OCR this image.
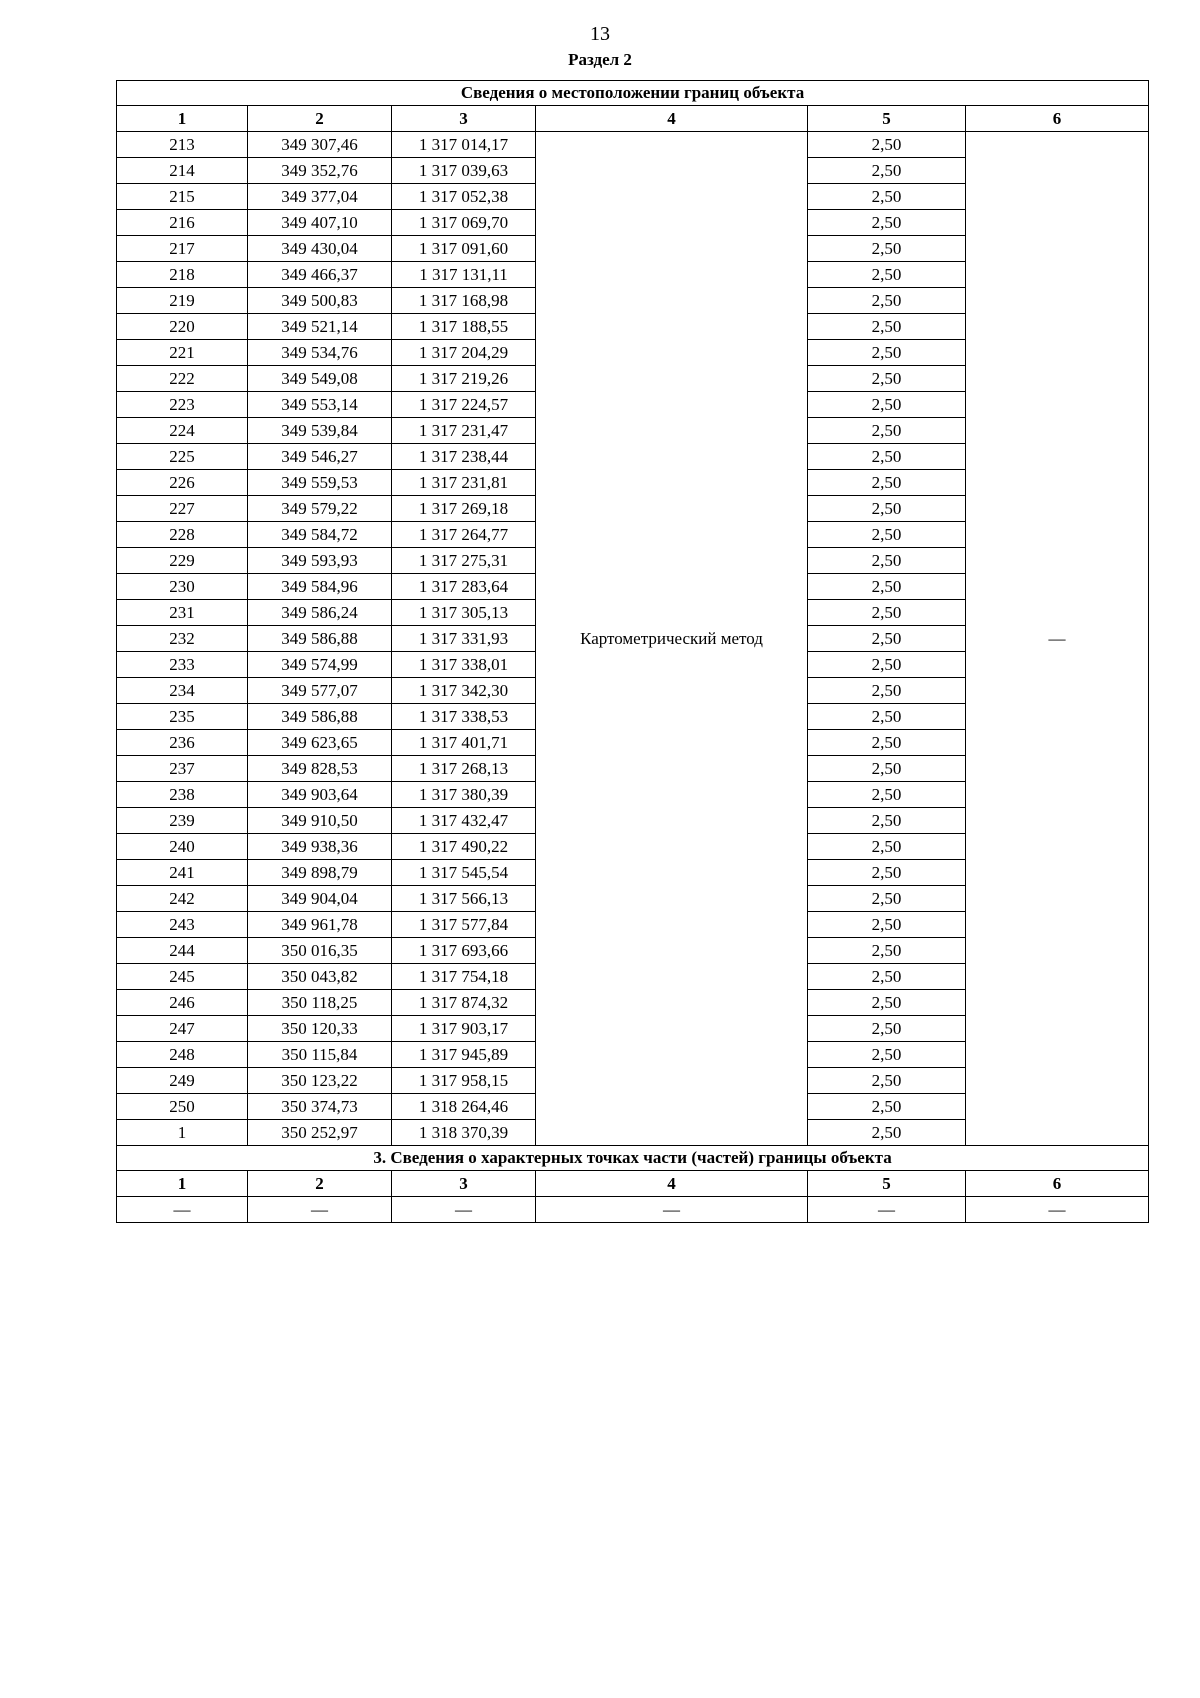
13
Раздел 2
Сведения о местоположении границ объекта					
1	2	3	4	5	6
213	349 307,46	1 317 014,17	Картометрический метод	2,50	—
214	349 352,76	1 317 039,63		2,50	
215	349 377,04	1 317 052,38		2,50	
216	349 407,10	1 317 069,70		2,50	
217	349 430,04	1 317 091,60		2,50	
218	349 466,37	1 317 131,11		2,50	
219	349 500,83	1 317 168,98		2,50	
220	349 521,14	1 317 188,55		2,50	
221	349 534,76	1 317 204,29		2,50	
222	349 549,08	1 317 219,26		2,50	
223	349 553,14	1 317 224,57		2,50	
224	349 539,84	1 317 231,47		2,50	
225	349 546,27	1 317 238,44		2,50	
226	349 559,53	1 317 231,81		2,50	
227	349 579,22	1 317 269,18		2,50	
228	349 584,72	1 317 264,77		2,50	
229	349 593,93	1 317 275,31		2,50	
230	349 584,96	1 317 283,64		2,50	
231	349 586,24	1 317 305,13		2,50	
232	349 586,88	1 317 331,93		2,50	
233	349 574,99	1 317 338,01		2,50	
234	349 577,07	1 317 342,30		2,50	
235	349 586,88	1 317 338,53		2,50	
236	349 623,65	1 317 401,71		2,50	
237	349 828,53	1 317 268,13		2,50	
238	349 903,64	1 317 380,39		2,50	
239	349 910,50	1 317 432,47		2,50	
240	349 938,36	1 317 490,22		2,50	
241	349 898,79	1 317 545,54		2,50	
242	349 904,04	1 317 566,13		2,50	
243	349 961,78	1 317 577,84		2,50	
244	350 016,35	1 317 693,66		2,50	
245	350 043,82	1 317 754,18		2,50	
246	350 118,25	1 317 874,32		2,50	
247	350 120,33	1 317 903,17		2,50	
248	350 115,84	1 317 945,89		2,50	
249	350 123,22	1 317 958,15		2,50	
250	350 374,73	1 318 264,46		2,50	
1	350 252,97	1 318 370,39		2,50	
3. Сведения о характерных точках части (частей) границы объекта					
1	2	3	4	5	6
—	—	—	—	—	—
